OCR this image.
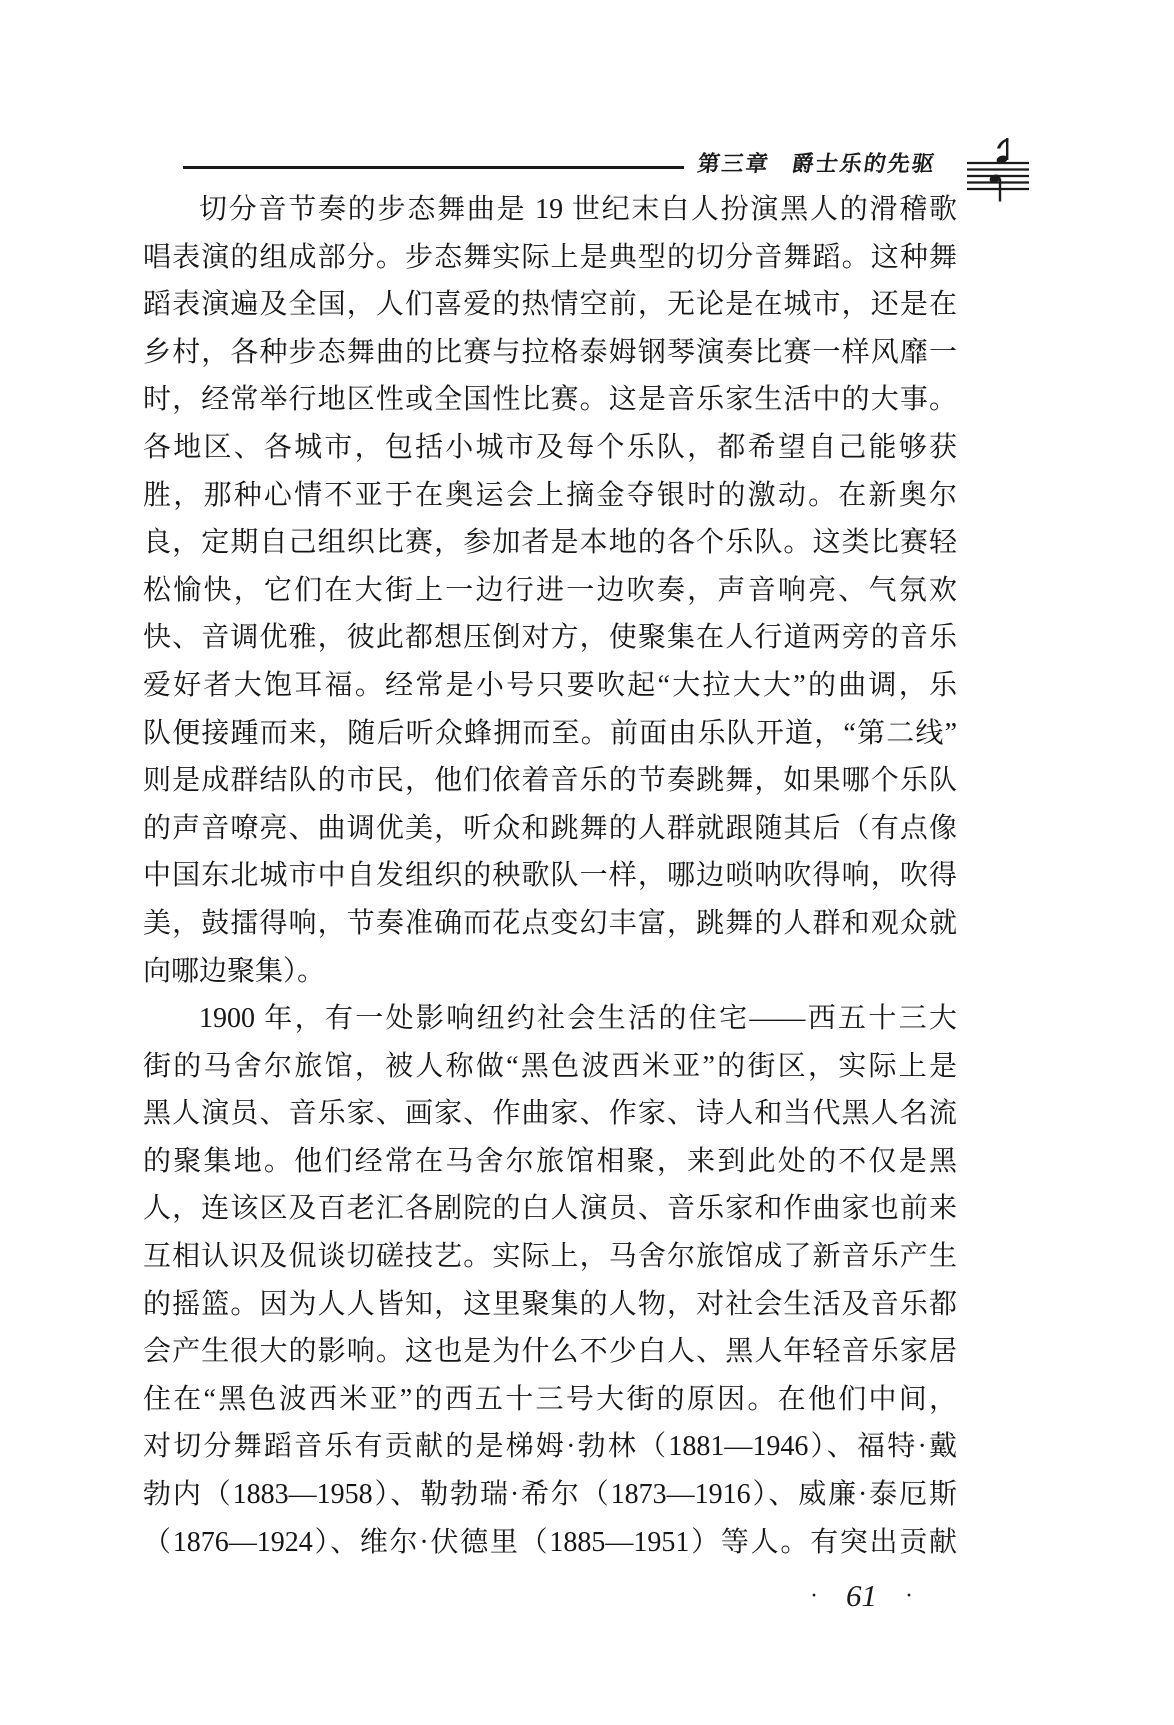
第三章 爵士乐的先驱
切分音节奏的步态舞曲是 19 世纪末白人扮演黑人的滑稽歌
唱表演的组成部分。步态舞实际上是典型的切分音舞蹈。这种舞
蹈表演遍及全国，人们喜爱的热情空前，无论是在城市，还是在
乡村，各种步态舞曲的比赛与拉格泰姆钢琴演奏比赛一样风靡一
时，经常举行地区性或全国性比赛。这是音乐家生活中的大事。
各地区、各城市，包括小城市及每个乐队，都希望自己能够获
胜，那种心情不亚于在奥运会上摘金夺银时的激动。在新奥尔
良，定期自己组织比赛，参加者是本地的各个乐队。这类比赛轻
松愉快，它们在大街上一边行进一边吹奏，声音响亮、气氛欢
快、音调优雅，彼此都想压倒对方，使聚集在人行道两旁的音乐
爱好者大饱耳福。经常是小号只要吹起“大拉大大”的曲调，乐
队便接踵而来，随后听众蜂拥而至。前面由乐队开道，“第二线”
则是成群结队的市民，他们依着音乐的节奏跳舞，如果哪个乐队
的声音嘹亮、曲调优美，听众和跳舞的人群就跟随其后（有点像
中国东北城市中自发组织的秧歌队一样，哪边唢呐吹得响，吹得
美，鼓擂得响，节奏准确而花点变幻丰富，跳舞的人群和观众就
向哪边聚集）。
1900 年，有一处影响纽约社会生活的住宅——西五十三大
街的马舍尔旅馆，被人称做“黑色波西米亚”的街区，实际上是
黑人演员、音乐家、画家、作曲家、作家、诗人和当代黑人名流
的聚集地。他们经常在马舍尔旅馆相聚，来到此处的不仅是黑
人，连该区及百老汇各剧院的白人演员、音乐家和作曲家也前来
互相认识及侃谈切磋技艺。实际上，马舍尔旅馆成了新音乐产生
的摇篮。因为人人皆知，这里聚集的人物，对社会生活及音乐都
会产生很大的影响。这也是为什么不少白人、黑人年轻音乐家居
住在“黑色波西米亚”的西五十三号大街的原因。在他们中间，
对切分舞蹈音乐有贡献的是梯姆·勃林（1881—1946）、福特·戴
勃内（1883—1958）、勒勃瑞·希尔（1873—1916）、威廉·泰厄斯
（1876—1924）、维尔·伏德里（1885—1951）等人。有突出贡献
· 61 ·
